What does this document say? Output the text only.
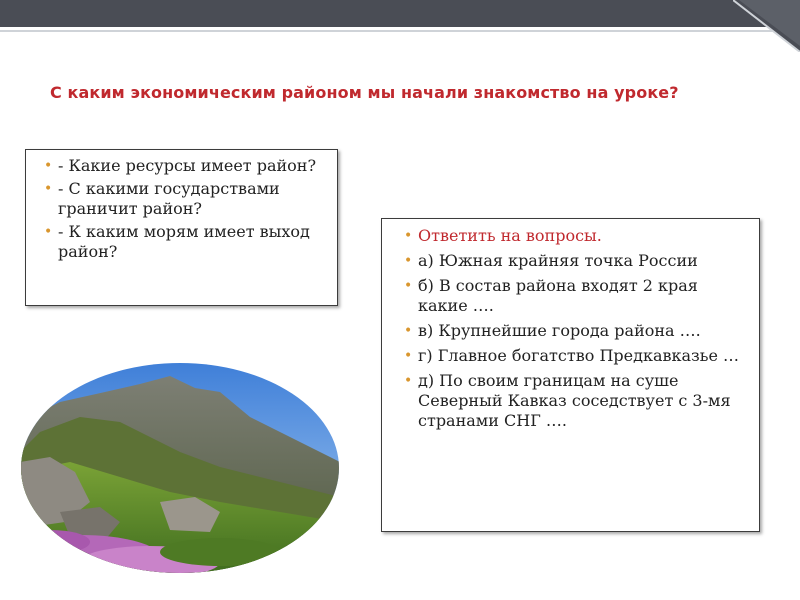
С каким экономическим районом мы начали знакомство на уроке?
• - Какие ресурсы имеет район?
• - С какими государствами граничит район?
• - К каким морям имеет выход район?
• Ответить на вопросы.
• а) Южная крайняя точка России
• б) В состав района входят 2 края какие ….
• в) Крупнейшие города района ….
• г) Главное богатство Предкавказье …
• д) По своим границам на суше Северный Кавказ соседствует с 3-мя странами СНГ ….
